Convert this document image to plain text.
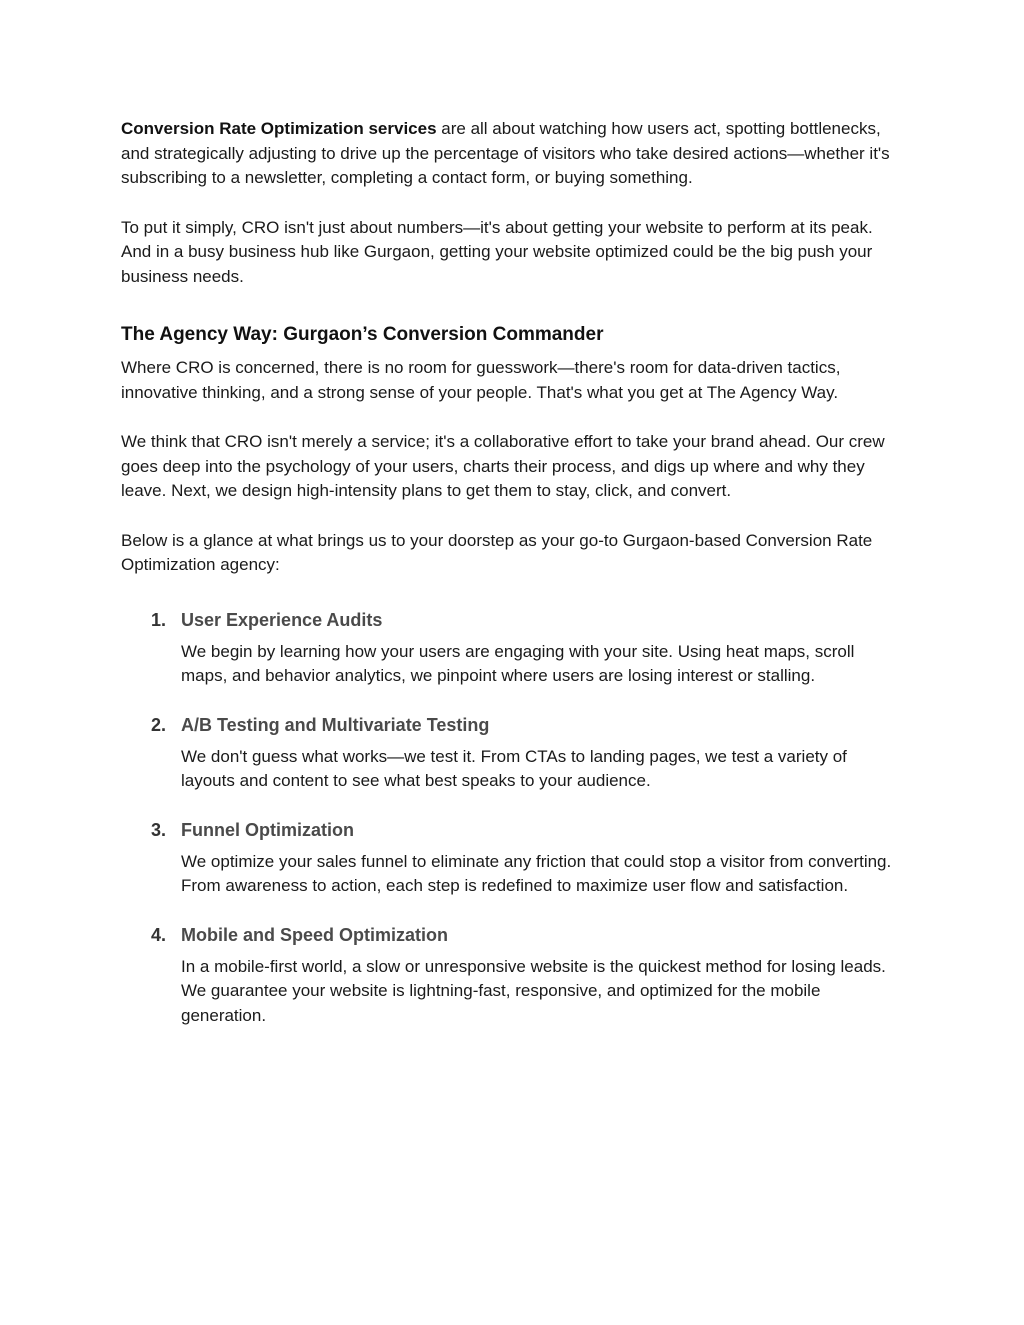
Conversion Rate Optimization services are all about watching how users act, spotting bottlenecks, and strategically adjusting to drive up the percentage of visitors who take desired actions—whether it's subscribing to a newsletter, completing a contact form, or buying something.

To put it simply, CRO isn't just about numbers—it's about getting your website to perform at its peak. And in a busy business hub like Gurgaon, getting your website optimized could be the big push your business needs.

The Agency Way: Gurgaon’s Conversion Commander

Where CRO is concerned, there is no room for guesswork—there's room for data-driven tactics, innovative thinking, and a strong sense of your people. That's what you get at The Agency Way.

We think that CRO isn't merely a service; it's a collaborative effort to take your brand ahead. Our crew goes deep into the psychology of your users, charts their process, and digs up where and why they leave. Next, we design high-intensity plans to get them to stay, click, and convert.

Below is a glance at what brings us to your doorstep as your go-to Gurgaon-based Conversion Rate Optimization agency:

1. User Experience Audits

We begin by learning how your users are engaging with your site. Using heat maps, scroll maps, and behavior analytics, we pinpoint where users are losing interest or stalling.

2. A/B Testing and Multivariate Testing

We don't guess what works—we test it. From CTAs to landing pages, we test a variety of layouts and content to see what best speaks to your audience.

3. Funnel Optimization

We optimize your sales funnel to eliminate any friction that could stop a visitor from converting. From awareness to action, each step is redefined to maximize user flow and satisfaction.

4. Mobile and Speed Optimization

In a mobile-first world, a slow or unresponsive website is the quickest method for losing leads. We guarantee your website is lightning-fast, responsive, and optimized for the mobile generation.
